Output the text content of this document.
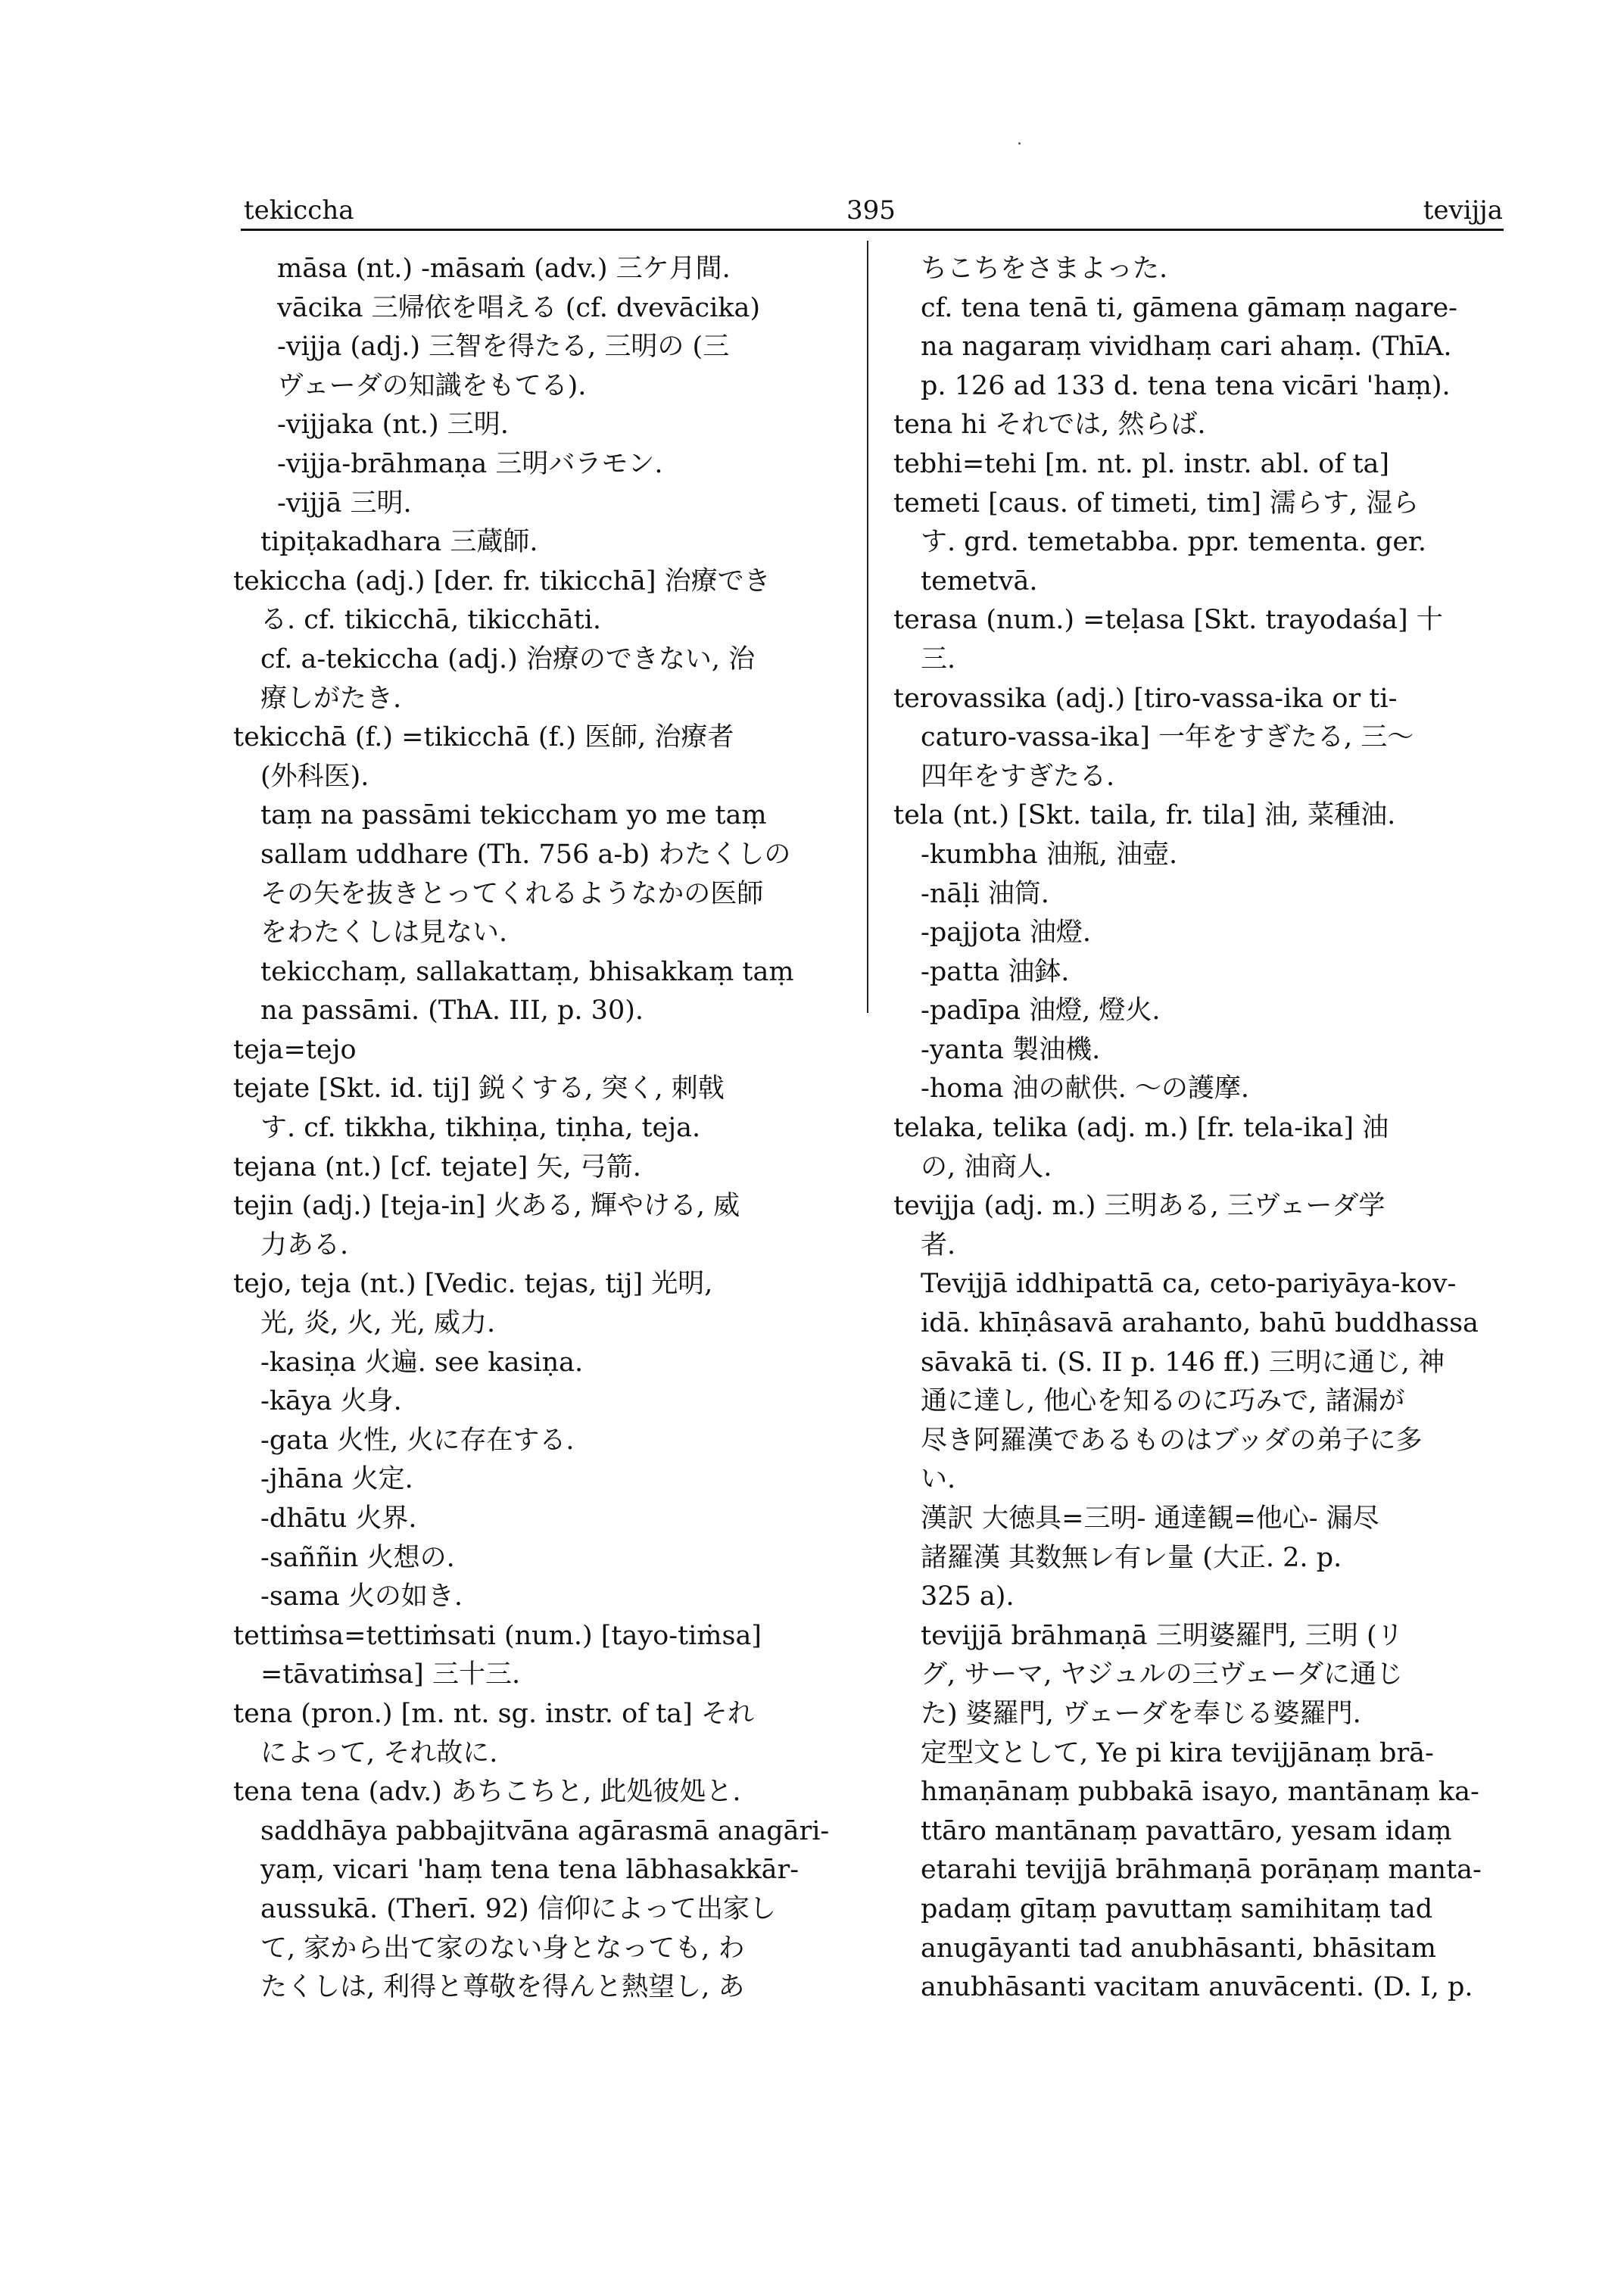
tekiccha	395	tevijja
māsa (nt.) -māsaṁ (adv.) 三ケ月間.
vācika 三帰依を唱える (cf. dvevācika)
-vijja (adj.) 三智を得たる, 三明の (三
ヴェーダの知識をもてる).
-vijjaka (nt.) 三明.
-vijja-brāhmaṇa 三明バラモン.
-vijjā 三明.
tipiṭakadhara 三蔵師.
tekiccha (adj.) [der. fr. tikicchā] 治療でき
る. cf. tikicchā, tikicchāti.
cf. a-tekiccha (adj.) 治療のできない, 治
療しがたき.
tekicchā (f.) =tikicchā (f.) 医師, 治療者
(外科医).
taṃ na passāmi tekiccham yo me taṃ
sallam uddhare (Th. 756 a-b) わたくしの
その矢を抜きとってくれるようなかの医師
をわたくしは見ない.
tekicchaṃ, sallakattaṃ, bhisakkaṃ taṃ
na passāmi. (ThA. III, p. 30).
teja=tejo
tejate [Skt. id. tij] 鋭くする, 突く, 刺戟
す. cf. tikkha, tikhiṇa, tiṇha, teja.
tejana (nt.) [cf. tejate] 矢, 弓箭.
tejin (adj.) [teja-in] 火ある, 輝やける, 威
力ある.
tejo, teja (nt.) [Vedic. tejas, tij] 光明,
光, 炎, 火, 光, 威力.
-kasiṇa 火遍. see kasiṇa.
-kāya 火身.
-gata 火性, 火に存在する.
-jhāna 火定.
-dhātu 火界.
-saññin 火想の.
-sama 火の如き.
tettiṁsa=tettiṁsati (num.) [tayo-tiṁsa]
=tāvatiṁsa] 三十三.
tena (pron.) [m. nt. sg. instr. of ta] それ
によって, それ故に.
tena tena (adv.) あちこちと, 此処彼処と.
saddhāya pabbajitvāna agārasmā anagāri-
yaṃ, vicari 'haṃ tena tena lābhasakkār-
aussukā. (Therī. 92) 信仰によって出家し
て, 家から出て家のない身となっても, わ
たくしは, 利得と尊敬を得んと熱望し, あ
ちこちをさまよった.
cf. tena tenā ti, gāmena gāmaṃ nagare-
na nagaraṃ vividhaṃ cari ahaṃ. (ThīA.
p. 126 ad 133 d. tena tena vicāri 'haṃ).
tena hi それでは, 然らば.
tebhi=tehi [m. nt. pl. instr. abl. of ta]
temeti [caus. of timeti, tim] 濡らす, 湿ら
す. grd. temetabba. ppr. tementa. ger.
temetvā.
terasa (num.) =teḷasa [Skt. trayodaśa] 十
三.
terovassika (adj.) [tiro-vassa-ika or ti-
caturo-vassa-ika] 一年をすぎたる, 三〜
四年をすぎたる.
tela (nt.) [Skt. taila, fr. tila] 油, 菜種油.
-kumbha 油瓶, 油壺.
-nāḷi 油筒.
-pajjota 油燈.
-patta 油鉢.
-padīpa 油燈, 燈火.
-yanta 製油機.
-homa 油の献供. 〜の護摩.
telaka, telika (adj. m.) [fr. tela-ika] 油
の, 油商人.
tevijja (adj. m.) 三明ある, 三ヴェーダ学
者.
Tevijjā iddhipattā ca, ceto-pariyāya-kov-
idā. khīṇâsavā arahanto, bahū buddhassa
sāvakā ti. (S. II p. 146 ff.) 三明に通じ, 神
通に達し, 他心を知るのに巧みで, 諸漏が
尽き阿羅漢であるものはブッダの弟子に多
い.
漢訳 大徳具=三明- 通達観=他心- 漏尽
諸羅漢 其数無レ有レ量 (大正. 2. p.
325 a).
tevijjā brāhmaṇā 三明婆羅門, 三明 (リ
グ, サーマ, ヤジュルの三ヴェーダに通じ
た) 婆羅門, ヴェーダを奉じる婆羅門.
定型文として, Ye pi kira tevijjānaṃ brā-
hmaṇānaṃ pubbakā isayo, mantānaṃ ka-
ttāro mantānaṃ pavattāro, yesam idaṃ
etarahi tevijjā brāhmaṇā porāṇaṃ manta-
padaṃ gītaṃ pavuttaṃ samihitaṃ tad
anugāyanti tad anubhāsanti, bhāsitam
anubhāsanti vacitam anuvācenti. (D. I, p.
